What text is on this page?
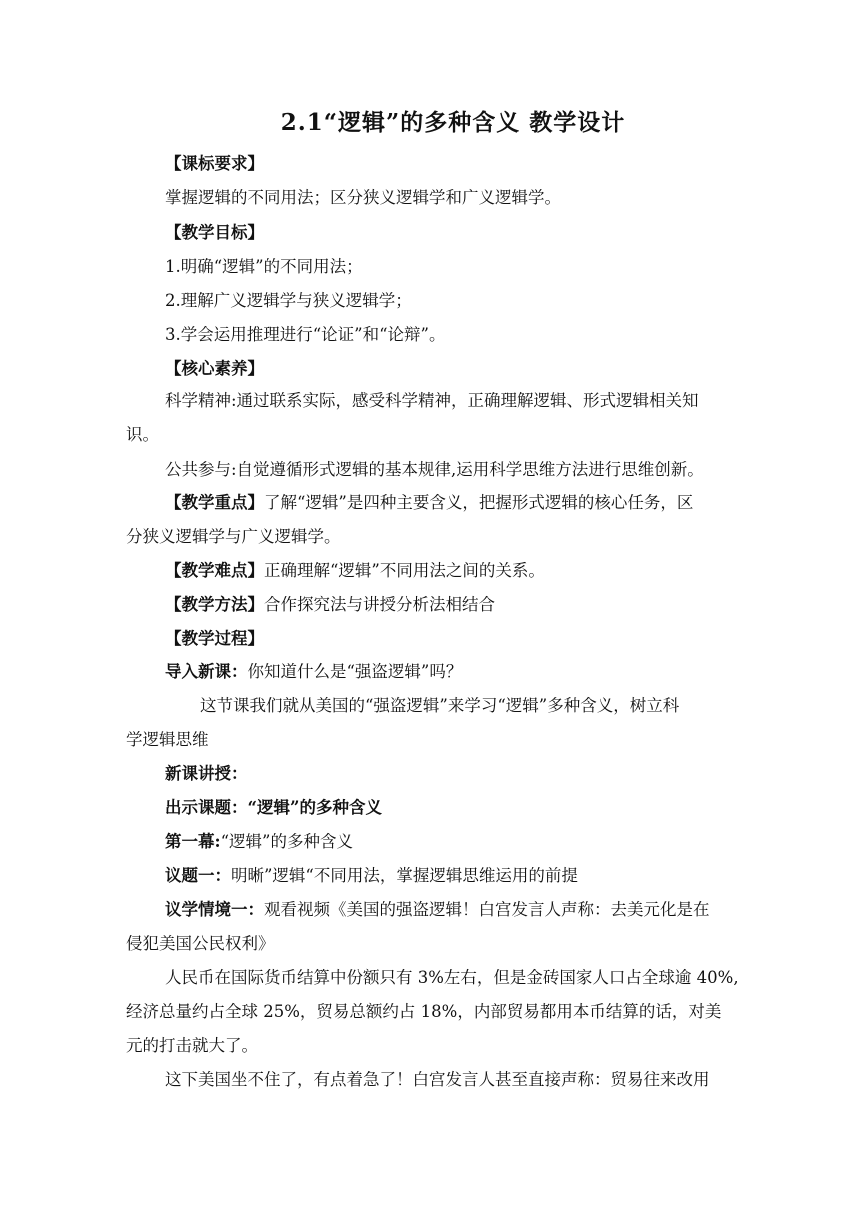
2.1“逻辑”的多种含义 教学设计
【课标要求】
掌握逻辑的不同用法；区分狭义逻辑学和广义逻辑学。
【教学目标】
1.明确“逻辑”的不同用法；
2.理解广义逻辑学与狭义逻辑学；
3.学会运用推理进行“论证”和“论辩”。
【核心素养】
科学精神:通过联系实际，感受科学精神，正确理解逻辑、形式逻辑相关知
识。
公共参与:自觉遵循形式逻辑的基本规律,运用科学思维方法进行思维创新。
【教学重点】了解“逻辑”是四种主要含义，把握形式逻辑的核心任务，区
分狭义逻辑学与广义逻辑学。
【教学难点】正确理解“逻辑”不同用法之间的关系。
【教学方法】合作探究法与讲授分析法相结合
【教学过程】
导入新课：你知道什么是“强盗逻辑”吗？
这节课我们就从美国的“强盗逻辑”来学习“逻辑”多种含义，树立科
学逻辑思维
新课讲授：
出示课题：“逻辑”的多种含义
第一幕:“逻辑”的多种含义
议题一：明晰”逻辑“不同用法，掌握逻辑思维运用的前提
议学情境一：观看视频《美国的强盗逻辑！白宫发言人声称：去美元化是在
侵犯美国公民权利》
人民币在国际货币结算中份额只有 3%左右，但是金砖国家人口占全球逾 40%,
经济总量约占全球 25%，贸易总额约占 18%，内部贸易都用本币结算的话，对美
元的打击就大了。
这下美国坐不住了，有点着急了！白宫发言人甚至直接声称：贸易往来改用
